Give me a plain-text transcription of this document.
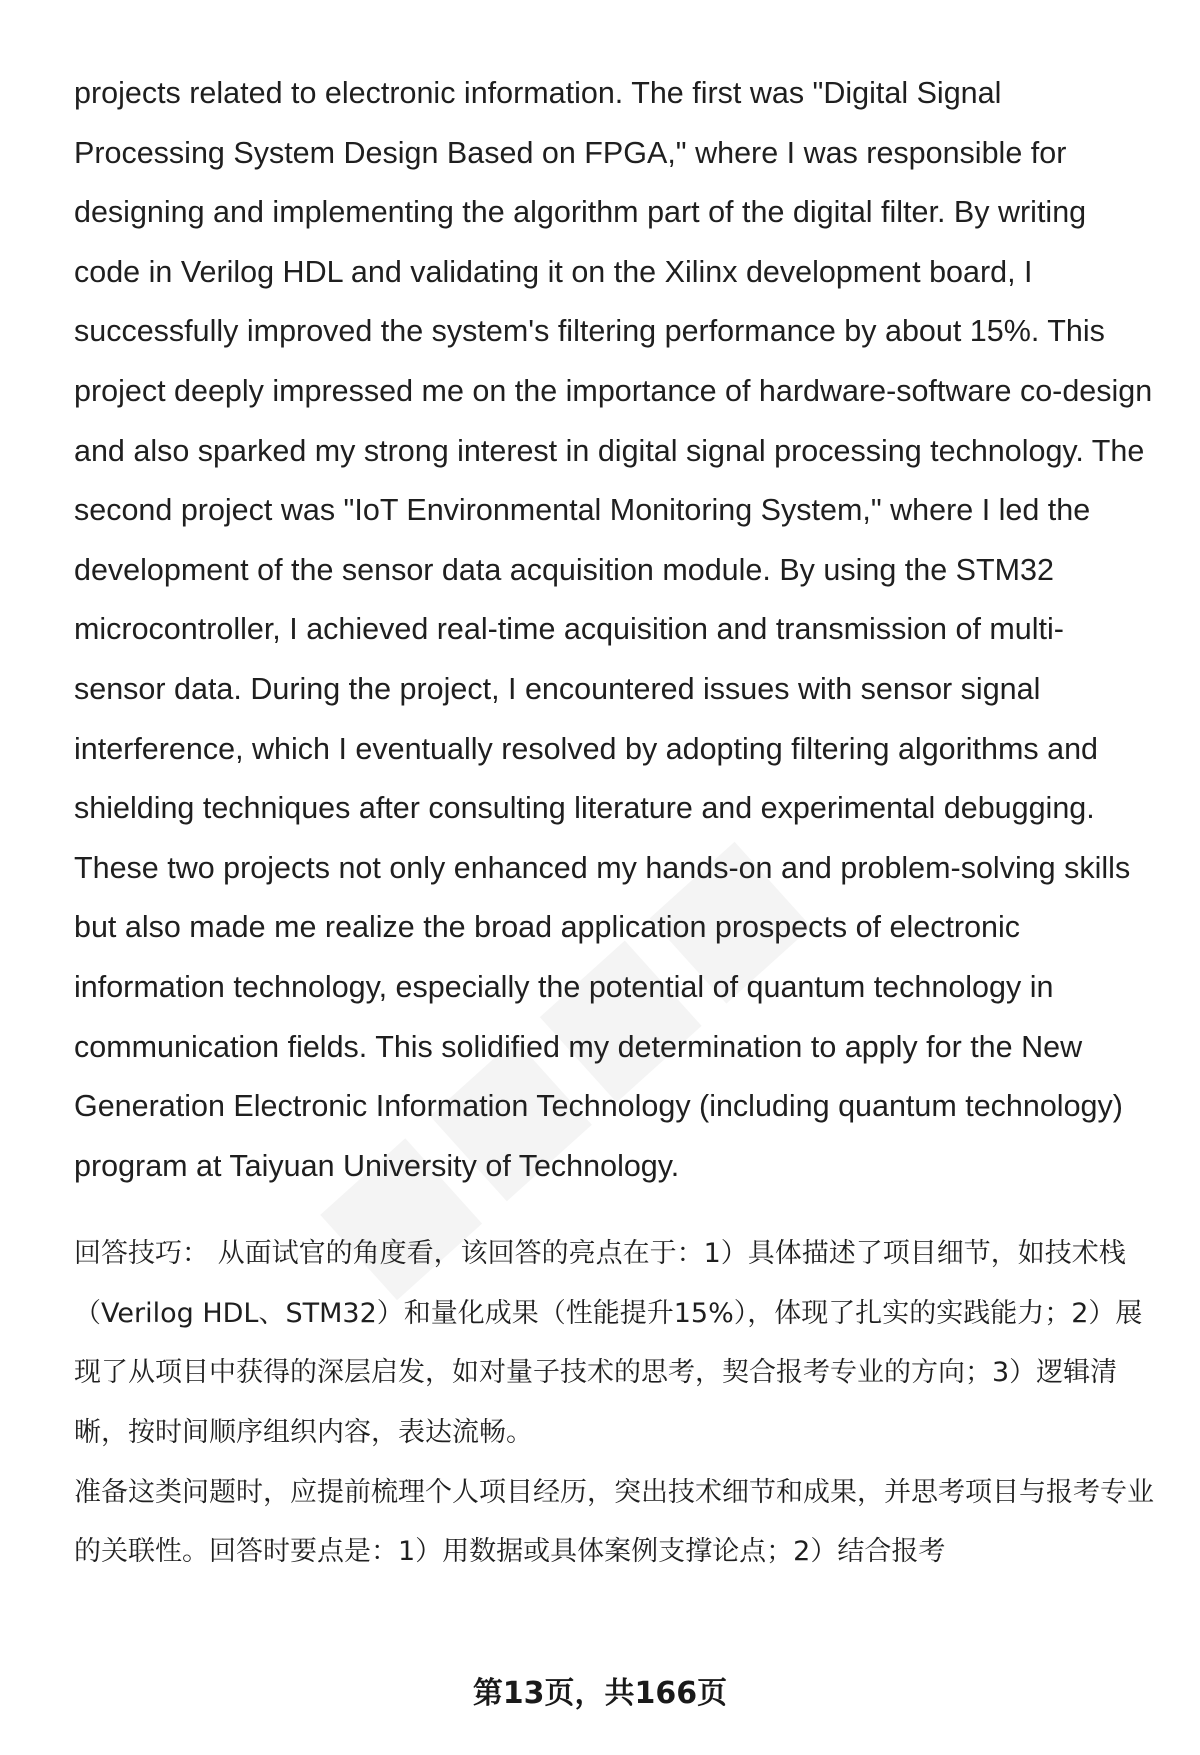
projects related to electronic information. The first was "Digital Signal Processing System Design Based on FPGA," where I was responsible for designing and implementing the algorithm part of the digital filter. By writing code in Verilog HDL and validating it on the Xilinx development board, I successfully improved the system's filtering performance by about 15%. This project deeply impressed me on the importance of hardware-software co-design and also sparked my strong interest in digital signal processing technology. The second project was "IoT Environmental Monitoring System," where I led the development of the sensor data acquisition module. By using the STM32 microcontroller, I achieved real-time acquisition and transmission of multi-sensor data. During the project, I encountered issues with sensor signal interference, which I eventually resolved by adopting filtering algorithms and shielding techniques after consulting literature and experimental debugging. These two projects not only enhanced my hands-on and problem-solving skills but also made me realize the broad application prospects of electronic information technology, especially the potential of quantum technology in communication fields. This solidified my determination to apply for the New Generation Electronic Information Technology (including quantum technology) program at Taiyuan University of Technology.

回答技巧： 从面试官的角度看，该回答的亮点在于：1）具体描述了项目细节，如技术栈（Verilog HDL、STM32）和量化成果（性能提升15%），体现了扎实的实践能力；2）展现了从项目中获得的深层启发，如对量子技术的思考，契合报考专业的方向；3）逻辑清晰，按时间顺序组织内容，表达流畅。

准备这类问题时，应提前梳理个人项目经历，突出技术细节和成果，并思考项目与报考专业的关联性。回答时要点是：1）用数据或具体案例支撑论点；2）结合报考

第13页，共166页
